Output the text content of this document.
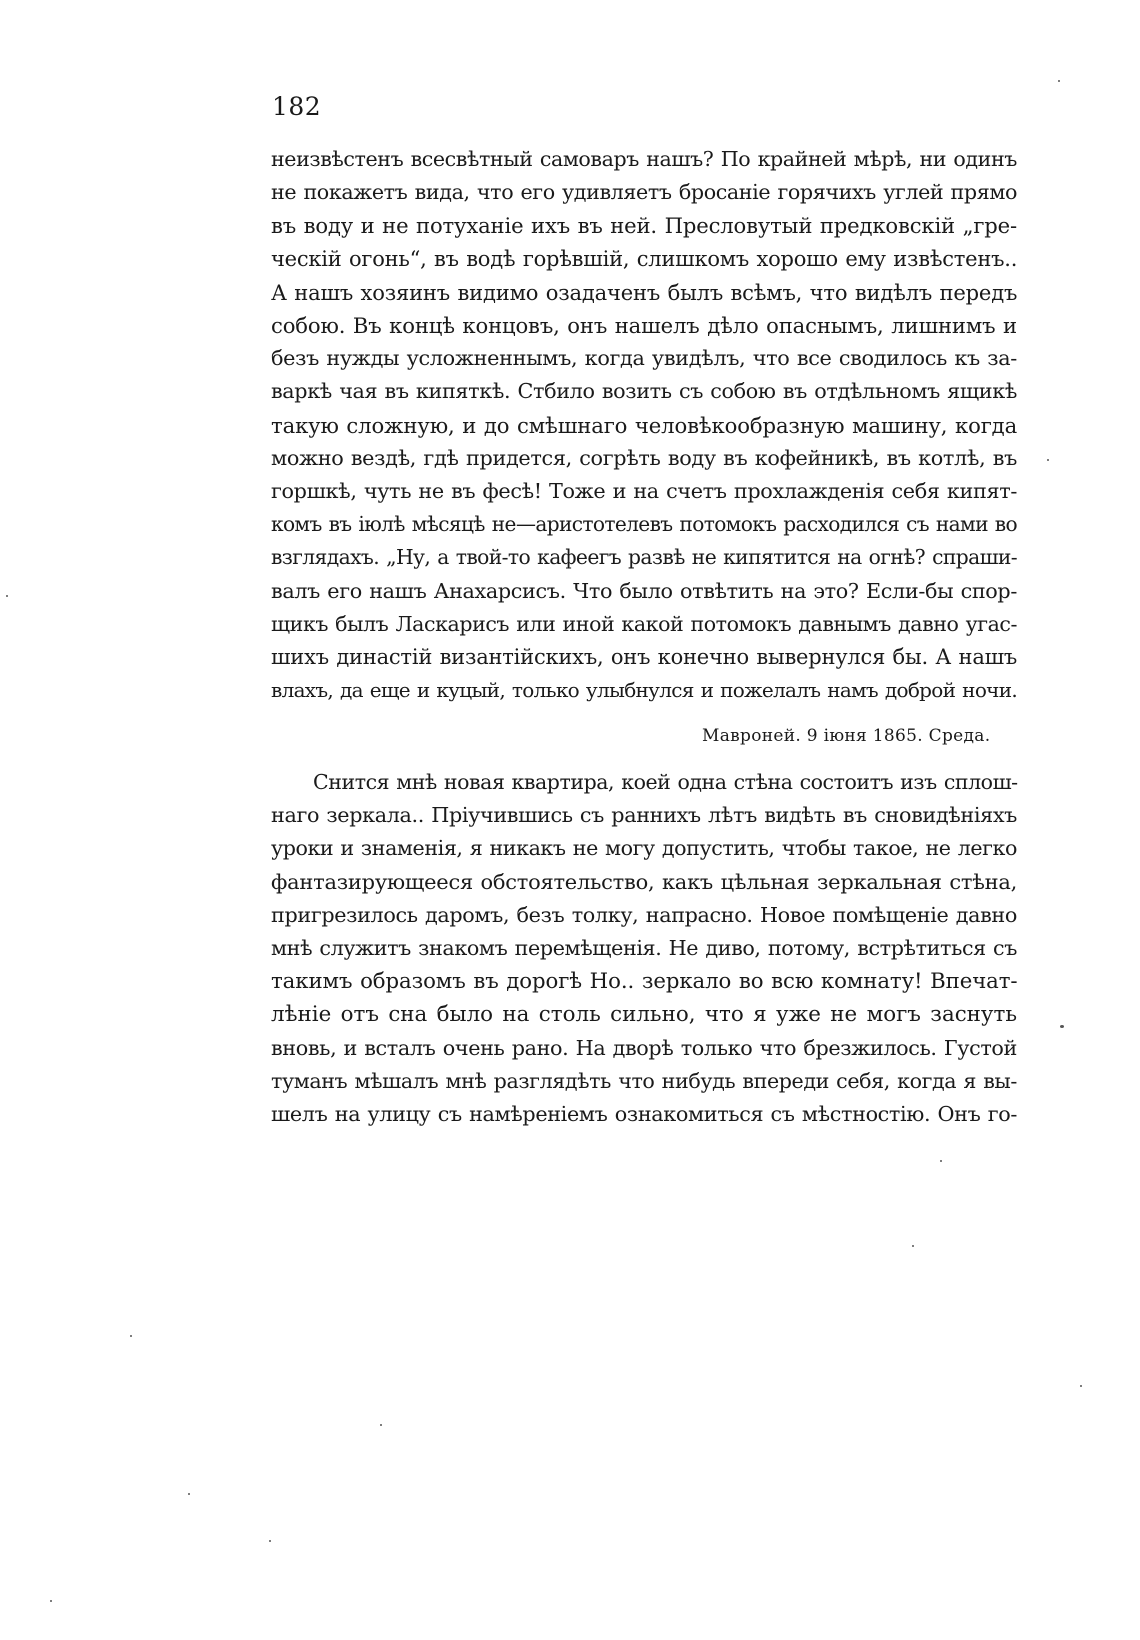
182
неизвѣстенъ всесвѣтный самоваръ нашъ? По крайней мѣрѣ, ни одинъ
не покажетъ вида, что его удивляетъ бросаніе горячихъ углей прямо
въ воду и не потуханіе ихъ въ ней. Пресловутый предковскій „гре-
ческій огонь“, въ водѣ горѣвшій, слишкомъ хорошо ему извѣстенъ..
А нашъ хозяинъ видимо озадаченъ былъ всѣмъ, что видѣлъ передъ
собою. Въ концѣ концовъ, онъ нашелъ дѣло опаснымъ, лишнимъ и
безъ нужды усложненнымъ, когда увидѣлъ, что все сводилось къ за-
варкѣ чая въ кипяткѣ. Стбило возить съ собою въ отдѣльномъ ящикѣ
такую сложную, и до смѣшнаго человѣкообразную машину, когда
можно вездѣ, гдѣ придется, согрѣть воду въ кофейникѣ, въ котлѣ, въ
горшкѣ, чуть не въ фесѣ! Тоже и на счетъ прохлажденія себя кипят-
комъ въ іюлѣ мѣсяцѣ не—аристотелевъ потомокъ расходился съ нами во
взглядахъ. „Ну, а твой-то кафеегъ развѣ не кипятится на огнѣ? спраши-
валъ его нашъ Анахарсисъ. Что было отвѣтить на это? Если-бы спор-
щикъ былъ Ласкарисъ или иной какой потомокъ давнымъ давно угас-
шихъ династій византійскихъ, онъ конечно вывернулся бы. А нашъ
влахъ, да еще и куцый, только улыбнулся и пожелалъ намъ доброй ночи.
Мавроней. 9 іюня 1865. Среда.
Снится мнѣ новая квартира, коей одна стѣна состоитъ изъ сплош-
наго зеркала.. Пріучившись съ раннихъ лѣтъ видѣть въ сновидѣніяхъ
уроки и знаменія, я никакъ не могу допустить, чтобы такое, не легко
фантазирующееся обстоятельство, какъ цѣльная зеркальная стѣна,
пригрезилось даромъ, безъ толку, напрасно. Новое помѣщеніе давно
мнѣ служитъ знакомъ перемѣщенія. Не диво, потому, встрѣтиться съ
такимъ образомъ въ дорогѣ Но.. зеркало во всю комнату! Впечат-
лѣніе отъ сна было на столь сильно, что я уже не могъ заснуть
вновь, и всталъ очень рано. На дворѣ только что брезжилось. Густой
туманъ мѣшалъ мнѣ разглядѣть что нибудь впереди себя, когда я вы-
шелъ на улицу съ намѣреніемъ ознакомиться съ мѣстностію. Онъ го-
